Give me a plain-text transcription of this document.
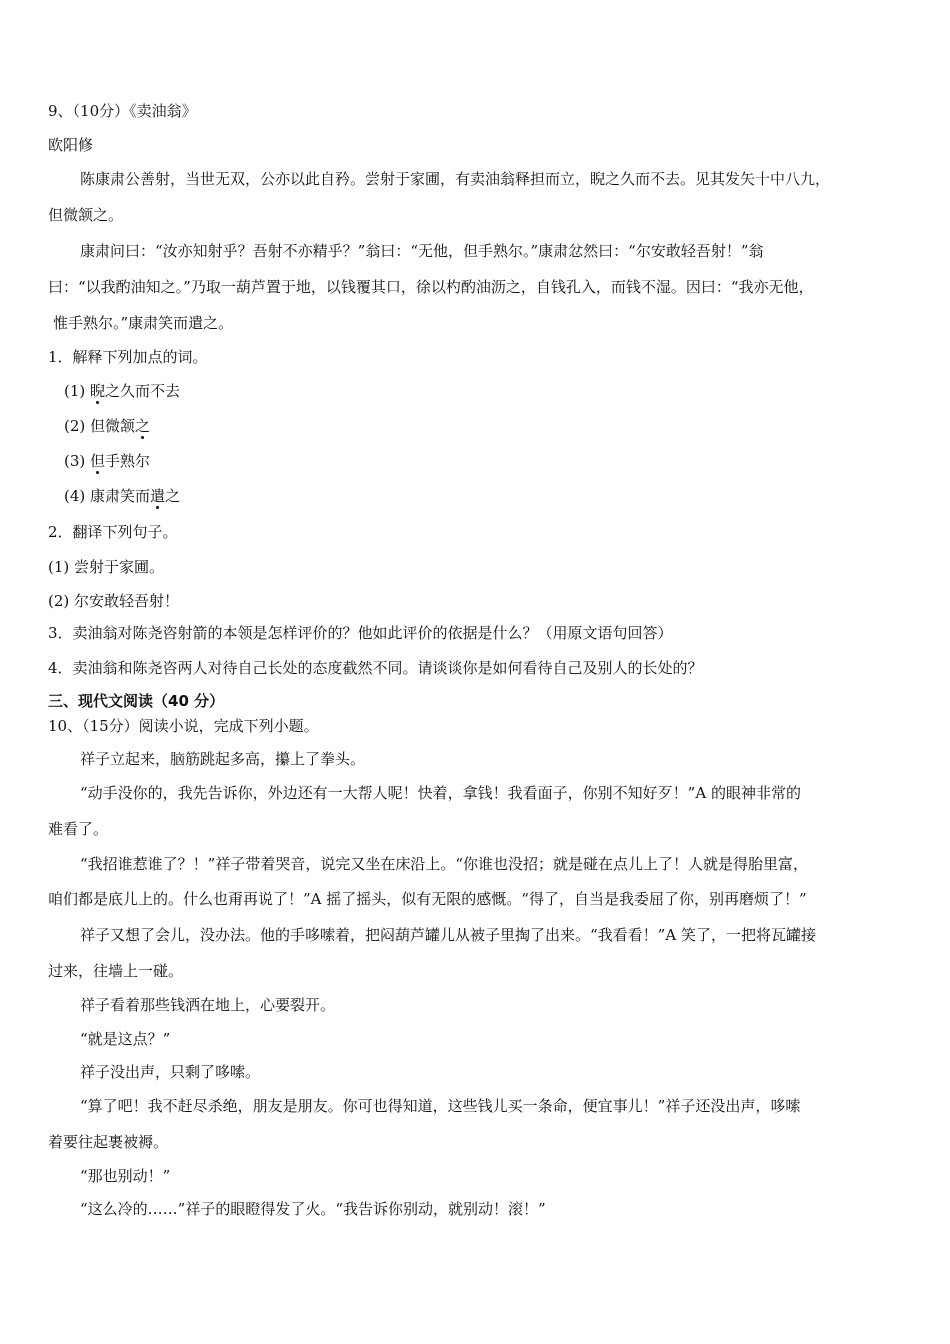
9、（10分）《卖油翁》
欧阳修
陈康肃公善射，当世无双，公亦以此自矜。尝射于家圃，有卖油翁释担而立，睨之久而不去。见其发矢十中八九，
但微颔之。
康肃问曰：“汝亦知射乎？吾射不亦精乎？”翁曰：“无他，但手熟尔。”康肃忿然曰：“尔安敢轻吾射！”翁
曰：“以我酌油知之。”乃取一葫芦置于地，以钱覆其口，徐以杓酌油沥之，自钱孔入，而钱不湿。因曰：“我亦无他，
惟手熟尔。”康肃笑而遣之。
1．解释下列加点的词。
(1) 睨之久而不去
(2) 但微颔之
(3) 但手熟尔
(4) 康肃笑而遣之
2．翻译下列句子。
(1) 尝射于家圃。
(2) 尔安敢轻吾射！
3．卖油翁对陈尧咨射箭的本领是怎样评价的？他如此评价的依据是什么？（用原文语句回答）
4．卖油翁和陈尧咨两人对待自己长处的态度截然不同。请谈谈你是如何看待自己及别人的长处的？
三、现代文阅读（40 分）
10、（15分）阅读小说，完成下列小题。
祥子立起来，脑筋跳起多高，攥上了拳头。
“动手没你的，我先告诉你，外边还有一大帮人呢！快着，拿钱！我看面子，你别不知好歹！”A 的眼神非常的
难看了。
“我招谁惹谁了？！”祥子带着哭音，说完又坐在床沿上。“你谁也没招；就是碰在点儿上了！人就是得胎里富，
咱们都是底儿上的。什么也甭再说了！”A 摇了摇头，似有无限的感慨。“得了，自当是我委屈了你，别再磨烦了！”
祥子又想了会儿，没办法。他的手哆嗦着，把闷葫芦罐儿从被子里掏了出来。“我看看！”A 笑了，一把将瓦罐接
过来，往墙上一碰。
祥子看着那些钱洒在地上，心要裂开。
“就是这点？”
祥子没出声，只剩了哆嗦。
“算了吧！我不赶尽杀绝，朋友是朋友。你可也得知道，这些钱儿买一条命，便宜事儿！”祥子还没出声，哆嗦
着要往起裹被褥。
“那也别动！”
“这么冷的……”祥子的眼瞪得发了火。“我告诉你别动，就别动！滚！”
